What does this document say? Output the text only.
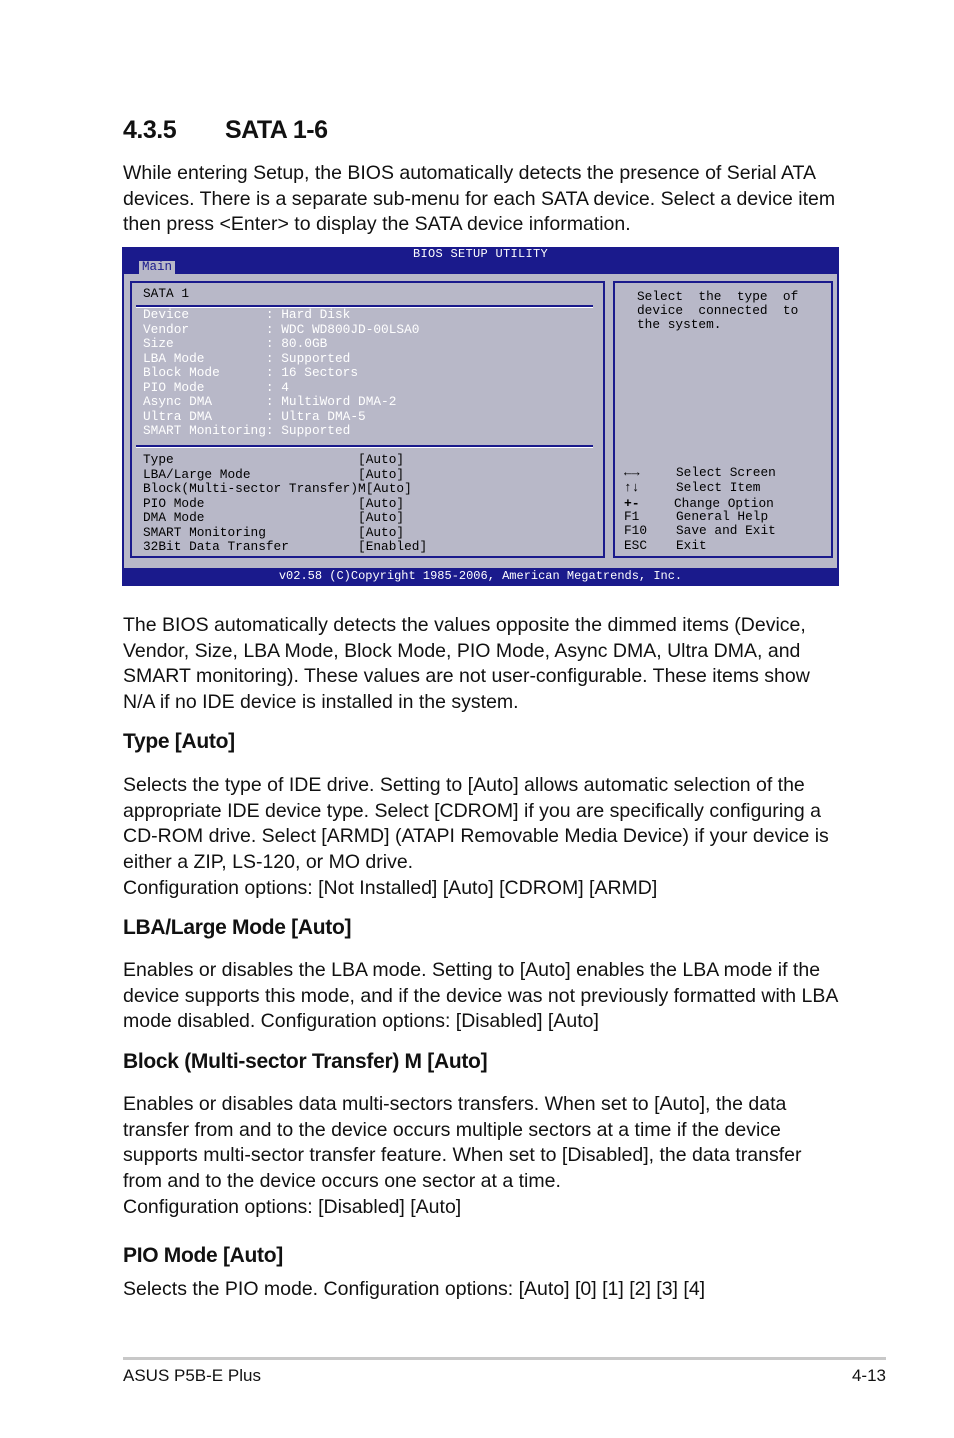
4.3.5 SATA 1-6

While entering Setup, the BIOS automatically detects the presence of Serial ATA devices. There is a separate sub-menu for each SATA device. Select a device item then press <Enter> to display the SATA device information.

BIOS SETUP UTILITY
Main
SATA 1
Device          : Hard Disk
Vendor          : WDC WD800JD-00LSA0
Size            : 80.0GB
LBA Mode        : Supported
Block Mode      : 16 Sectors
PIO Mode        : 4
Async DMA       : MultiWord DMA-2
Ultra DMA       : Ultra DMA-5
SMART Monitoring: Supported
Type                        [Auto]
LBA/Large Mode              [Auto]
Block(Multi-sector Transfer)M[Auto]
PIO Mode                    [Auto]
DMA Mode                    [Auto]
SMART Monitoring            [Auto]
32Bit Data Transfer         [Enabled]
Select  the  type  of
device  connected  to
the system.
←→	Select Screen
↑↓	Select Item
+-	Change Option
F1	General Help
F10 Save and Exit
ESC Exit
v02.58 (C)Copyright 1985-2006, American Megatrends, Inc.

The BIOS automatically detects the values opposite the dimmed items (Device, Vendor, Size, LBA Mode, Block Mode, PIO Mode, Async DMA, Ultra DMA, and SMART monitoring). These values are not user-configurable. These items show N/A if no IDE device is installed in the system.

Type [Auto]

Selects the type of IDE drive. Setting to [Auto] allows automatic selection of the appropriate IDE device type. Select [CDROM] if you are specifically configuring a CD-ROM drive. Select [ARMD] (ATAPI Removable Media Device) if your device is either a ZIP, LS-120, or MO drive.

Configuration options: [Not Installed] [Auto] [CDROM] [ARMD]

LBA/Large Mode [Auto]

Enables or disables the LBA mode. Setting to [Auto] enables the LBA mode if the device supports this mode, and if the device was not previously formatted with LBA mode disabled. Configuration options: [Disabled] [Auto]

Block (Multi-sector Transfer) M [Auto]

Enables or disables data multi-sectors transfers. When set to [Auto], the data transfer from and to the device occurs multiple sectors at a time if the device supports multi-sector transfer feature. When set to [Disabled], the data transfer from and to the device occurs one sector at a time.

Configuration options: [Disabled] [Auto]

PIO Mode [Auto]

Selects the PIO mode. Configuration options: [Auto] [0] [1] [2] [3] [4]

ASUS P5B-E Plus	4-13
